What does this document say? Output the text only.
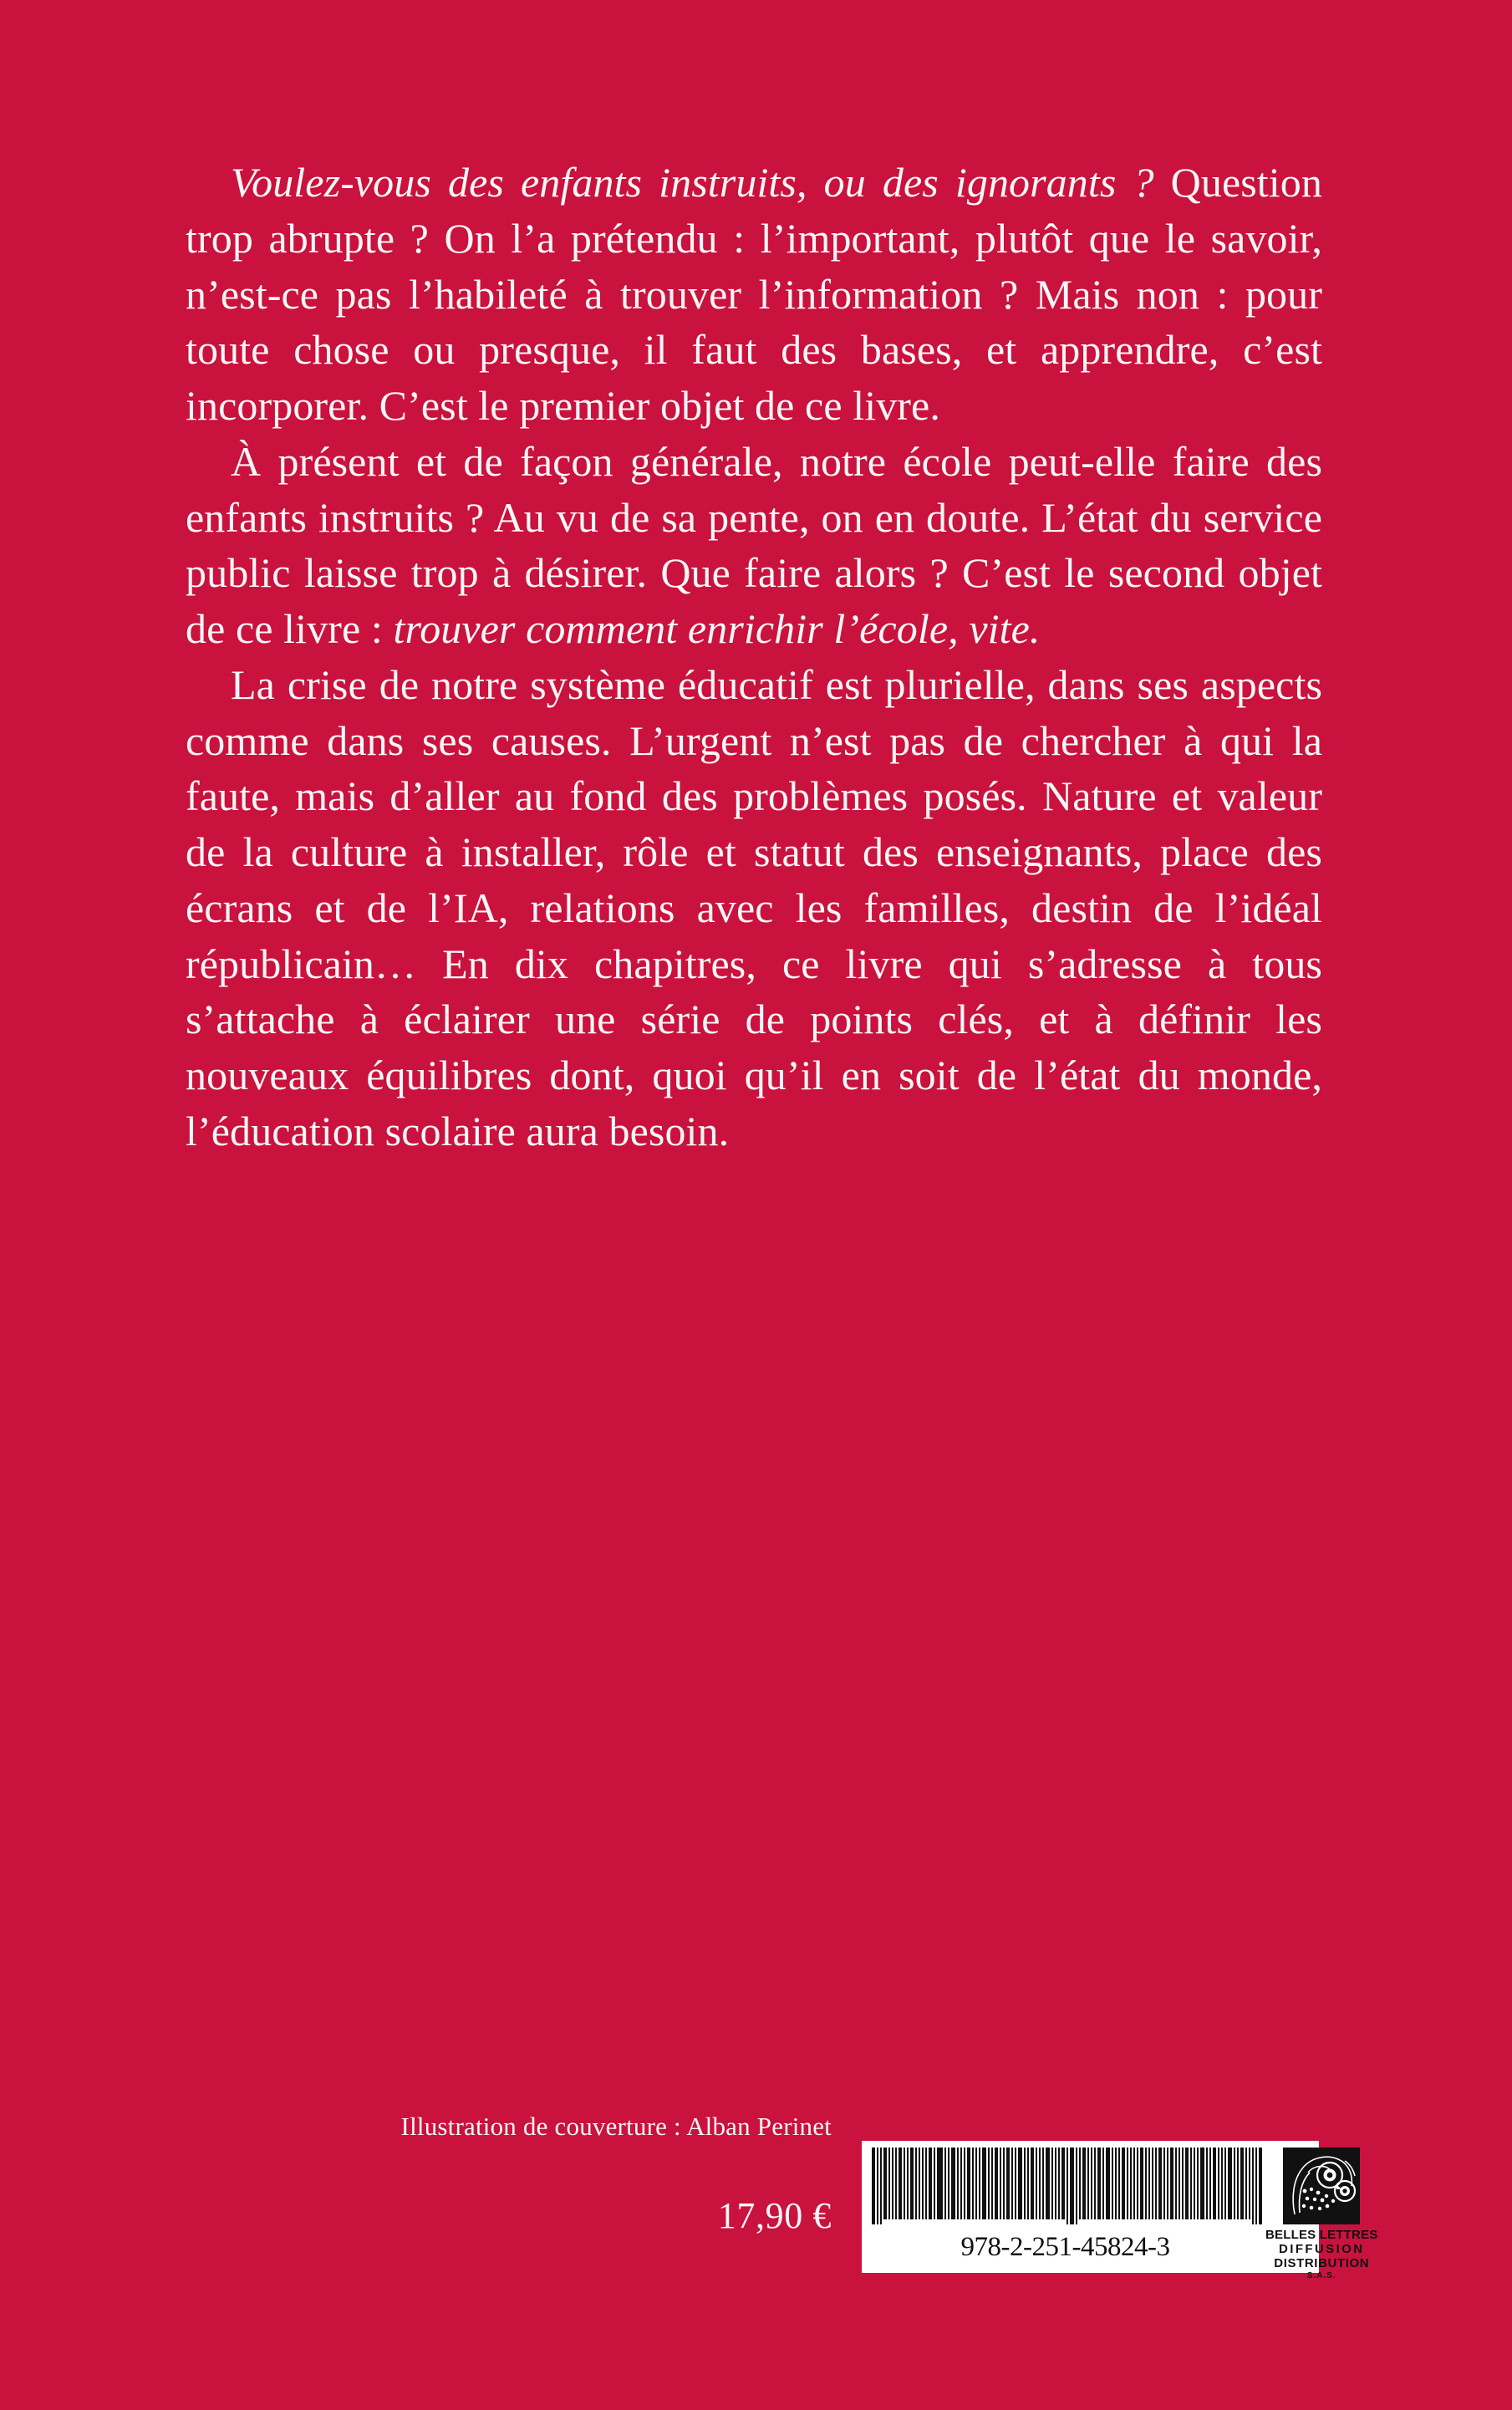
Voulez-vous des enfants instruits, ou des ignorants ? Question trop abrupte ? On l’a prétendu : l’important, plutôt que le savoir, n’est-ce pas l’habileté à trouver l’information ? Mais non : pour toute chose ou presque, il faut des bases, et apprendre, c’est incorporer. C’est le premier objet de ce livre.

À présent et de façon générale, notre école peut-elle faire des enfants instruits ? Au vu de sa pente, on en doute. L’état du service public laisse trop à désirer. Que faire alors ? C’est le second objet de ce livre : trouver comment enrichir l’école, vite.

La crise de notre système éducatif est plurielle, dans ses aspects comme dans ses causes. L’urgent n’est pas de chercher à qui la faute, mais d’aller au fond des problèmes posés. Nature et valeur de la culture à installer, rôle et statut des enseignants, place des écrans et de l’IA, relations avec les familles, destin de l’idéal républicain… En dix chapitres, ce livre qui s’adresse à tous s’attache à éclairer une série de points clés, et à définir les nouveaux équilibres dont, quoi qu’il en soit de l’état du monde, l’éducation scolaire aura besoin.

Illustration de couverture : Alban Perinet
17,90 €
978-2-251-45824-3	BELLES LETTRES
DIFFUSION
DISTRIBUTION
S.A.S.
